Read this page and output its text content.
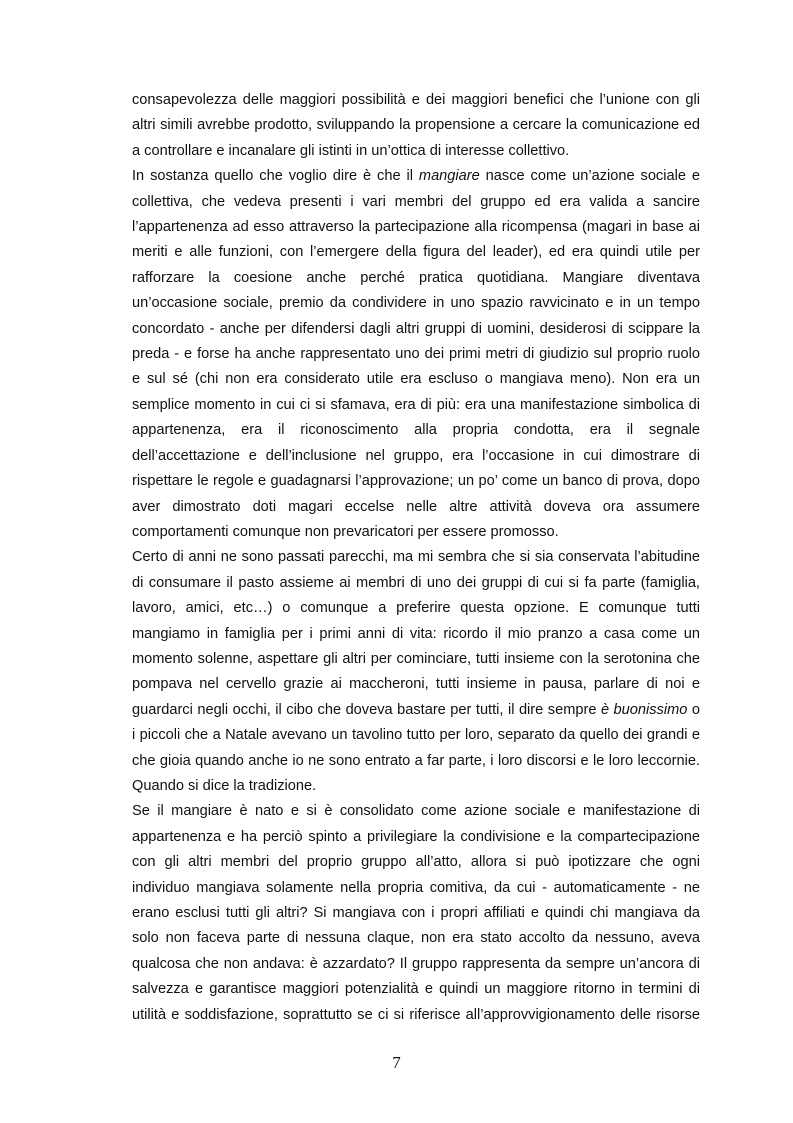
consapevolezza delle maggiori possibilità e dei maggiori benefici che l’unione con gli
altri simili avrebbe prodotto, sviluppando la propensione a cercare la comunicazione ed
a controllare e incanalare gli istinti in un’ottica di interesse collettivo.

In sostanza quello che voglio dire è che il mangiare nasce come un’azione sociale e
collettiva, che vedeva presenti i vari membri del gruppo ed era valida a sancire
l’appartenenza ad esso attraverso la partecipazione alla ricompensa (magari in base ai
meriti e alle funzioni, con l’emergere della figura del leader), ed era quindi utile per
rafforzare la coesione anche perché pratica quotidiana. Mangiare diventava
un’occasione sociale, premio da condividere in uno spazio ravvicinato e in un tempo
concordato - anche per difendersi dagli altri gruppi di uomini, desiderosi di scippare la
preda - e forse ha anche rappresentato uno dei primi metri di giudizio sul proprio ruolo
e sul sé (chi non era considerato utile era escluso o mangiava meno). Non era un
semplice momento in cui ci si sfamava, era di più: era una manifestazione simbolica di
appartenenza, era il riconoscimento alla propria condotta, era il segnale
dell’accettazione e dell’inclusione nel gruppo, era l’occasione in cui dimostrare di
rispettare le regole e guadagnarsi l’approvazione; un po’ come un banco di prova, dopo
aver dimostrato doti magari eccelse nelle altre attività doveva ora assumere
comportamenti comunque non prevaricatori per essere promosso.

Certo di anni ne sono passati parecchi, ma mi sembra che si sia conservata l’abitudine
di consumare il pasto assieme ai membri di uno dei gruppi di cui si fa parte (famiglia,
lavoro, amici, etc…) o comunque a preferire questa opzione. E comunque tutti
mangiamo in famiglia per i primi anni di vita: ricordo il mio pranzo a casa come un
momento solenne, aspettare gli altri per cominciare, tutti insieme con la serotonina che
pompava nel cervello grazie ai maccheroni, tutti insieme in pausa, parlare di noi e
guardarci negli occhi, il cibo che doveva bastare per tutti, il dire sempre è buonissimo o
i piccoli che a Natale avevano un tavolino tutto per loro, separato da quello dei grandi e
che gioia quando anche io ne sono entrato a far parte, i loro discorsi e le loro leccornie.
Quando si dice la tradizione.

Se il mangiare è nato e si è consolidato come azione sociale e manifestazione di
appartenenza e ha perciò spinto a privilegiare la condivisione e la compartecipazione
con gli altri membri del proprio gruppo all’atto, allora si può ipotizzare che ogni
individuo mangiava solamente nella propria comitiva, da cui - automaticamente - ne
erano esclusi tutti gli altri? Si mangiava con i propri affiliati e quindi chi mangiava da
solo non faceva parte di nessuna claque, non era stato accolto da nessuno, aveva
qualcosa che non andava: è azzardato? Il gruppo rappresenta da sempre un’ancora di
salvezza e garantisce maggiori potenzialità e quindi un maggiore ritorno in termini di
utilità e soddisfazione, soprattutto se ci si riferisce all’approvvigionamento delle risorse

7
